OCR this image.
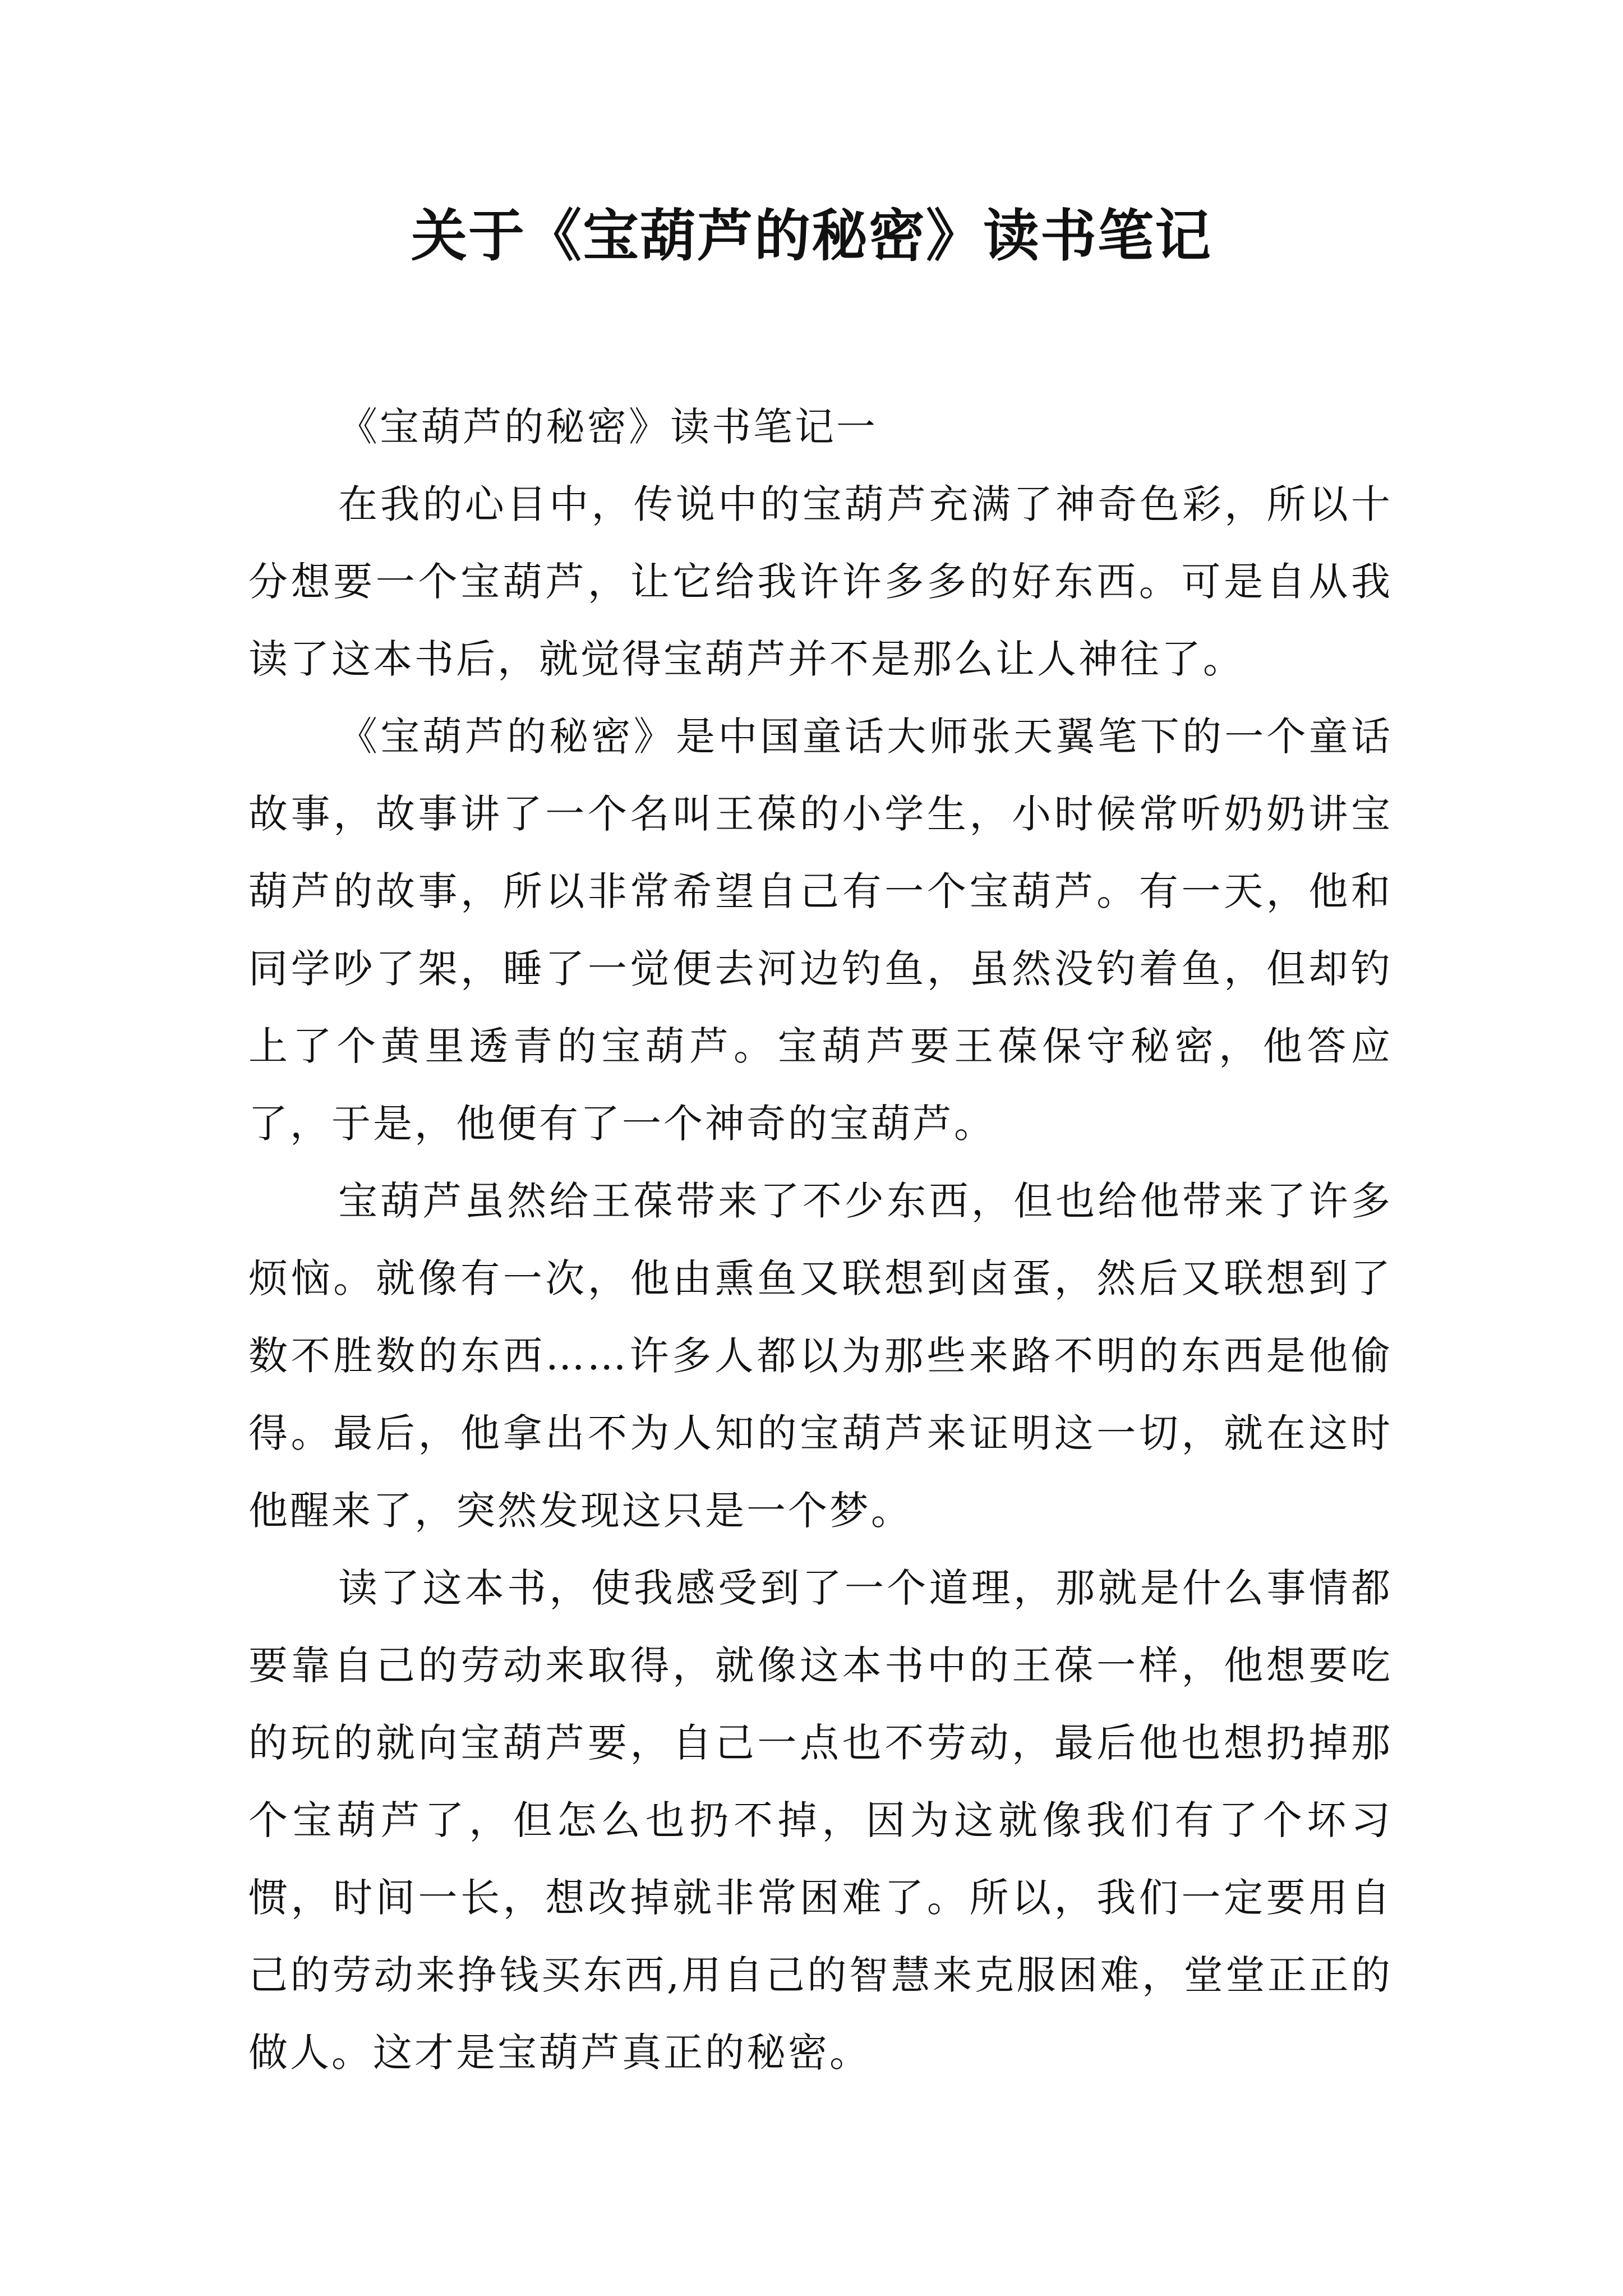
关于《宝葫芦的秘密》读书笔记

《宝葫芦的秘密》读书笔记一

在我的心目中，传说中的宝葫芦充满了神奇色彩，所以十分想要一个宝葫芦，让它给我许许多多的好东西。可是自从我读了这本书后，就觉得宝葫芦并不是那么让人神往了。

《宝葫芦的秘密》是中国童话大师张天翼笔下的一个童话故事，故事讲了一个名叫王葆的小学生，小时候常听奶奶讲宝葫芦的故事，所以非常希望自己有一个宝葫芦。有一天，他和同学吵了架，睡了一觉便去河边钓鱼，虽然没钓着鱼，但却钓上了个黄里透青的宝葫芦。宝葫芦要王葆保守秘密，他答应了，于是，他便有了一个神奇的宝葫芦。

宝葫芦虽然给王葆带来了不少东西，但也给他带来了许多烦恼。就像有一次，他由熏鱼又联想到卤蛋，然后又联想到了数不胜数的东西……许多人都以为那些来路不明的东西是他偷得。最后，他拿出不为人知的宝葫芦来证明这一切，就在这时他醒来了，突然发现这只是一个梦。

读了这本书，使我感受到了一个道理，那就是什么事情都要靠自己的劳动来取得，就像这本书中的王葆一样，他想要吃的玩的就向宝葫芦要，自己一点也不劳动，最后他也想扔掉那个宝葫芦了，但怎么也扔不掉，因为这就像我们有了个坏习惯，时间一长，想改掉就非常困难了。所以，我们一定要用自己的劳动来挣钱买东西,用自己的智慧来克服困难，堂堂正正的做人。这才是宝葫芦真正的秘密。
